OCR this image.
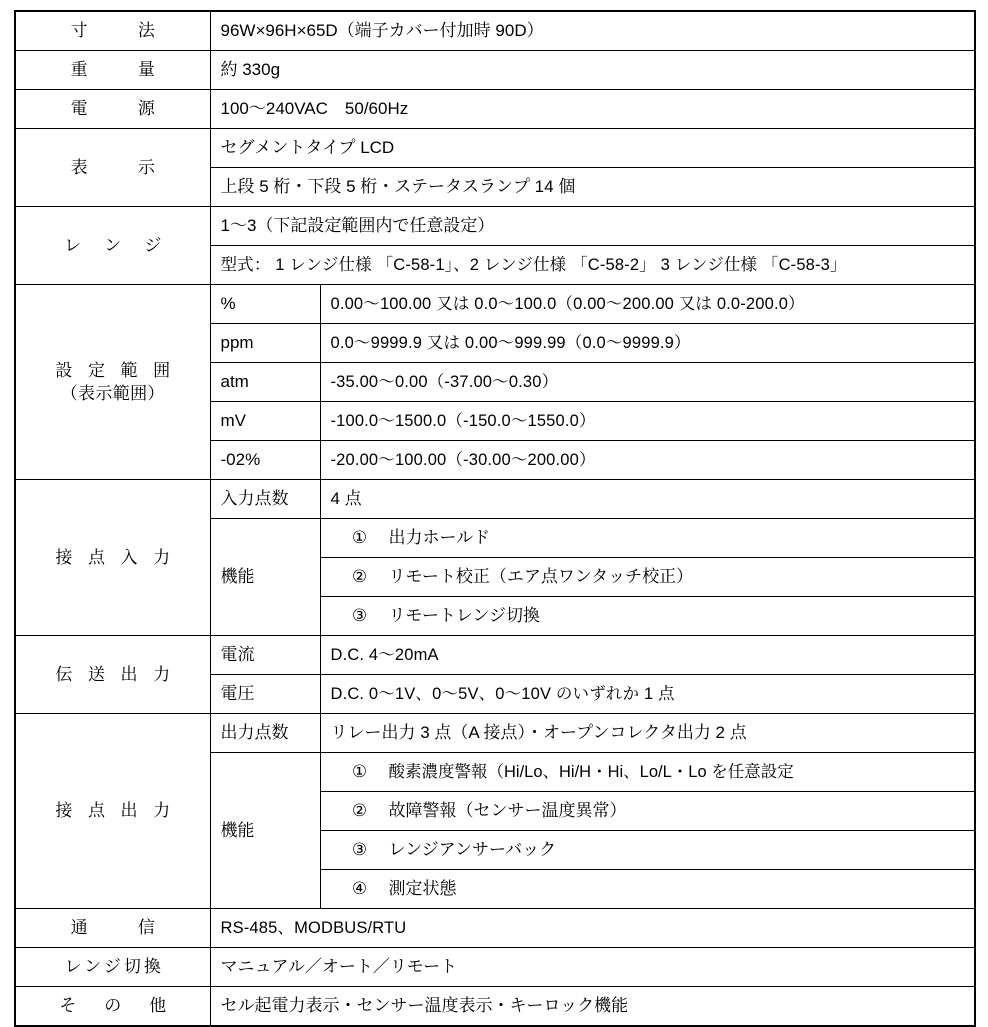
寸　　法	96W×96H×65D（端子カバー付加時 90D）	
重　　量	約 330g	
電　　源	100〜240VAC　50/60Hz	
表　　示	セグメントタイプ LCD	
	上段 5 桁・下段 5 桁・ステータスランプ 14 個	
レ　ン　ジ	1〜3（下記設定範囲内で任意設定）	
	型式： 1 レンジ仕様 「C-58-1」、2 レンジ仕様 「C-58-2」 3 レンジ仕様 「C-58-3」	

設 定 範 囲
（表示範囲）	%	0.00〜100.00 又は 0.0〜100.0（0.00〜200.00 又は 0.0-200.0）
	ppm	0.0〜9999.9 又は 0.00〜999.99（0.0〜9999.9）
	atm	-35.00〜0.00（-37.00〜0.30）
	mV	-100.0〜1500.0（-150.0〜1550.0）
	-02%	-20.00〜100.00（-30.00〜200.00）
接 点 入 力	入力点数	4 点
	機能	① 出力ホールド
		② リモート校正（エア点ワンタッチ校正）
		③ リモートレンジ切換
伝 送 出 力	電流	D.C. 4〜20mA
	電圧	D.C. 0〜1V、0〜5V、0〜10V のいずれか 1 点
接 点 出 力	出力点数	リレー出力 3 点（A 接点）・オープンコレクタ出力 2 点
	機能	① 酸素濃度警報（Hi/Lo、Hi/H・Hi、Lo/L・Lo を任意設定
		② 故障警報（センサー温度異常）
		③ レンジアンサーバック
		④ 測定状態
通　　信	RS-485、MODBUS/RTU	
レンジ切換	マニュアル／オート／リモート	
そ　の　他	セル起電力表示・センサー温度表示・キーロック機能	
